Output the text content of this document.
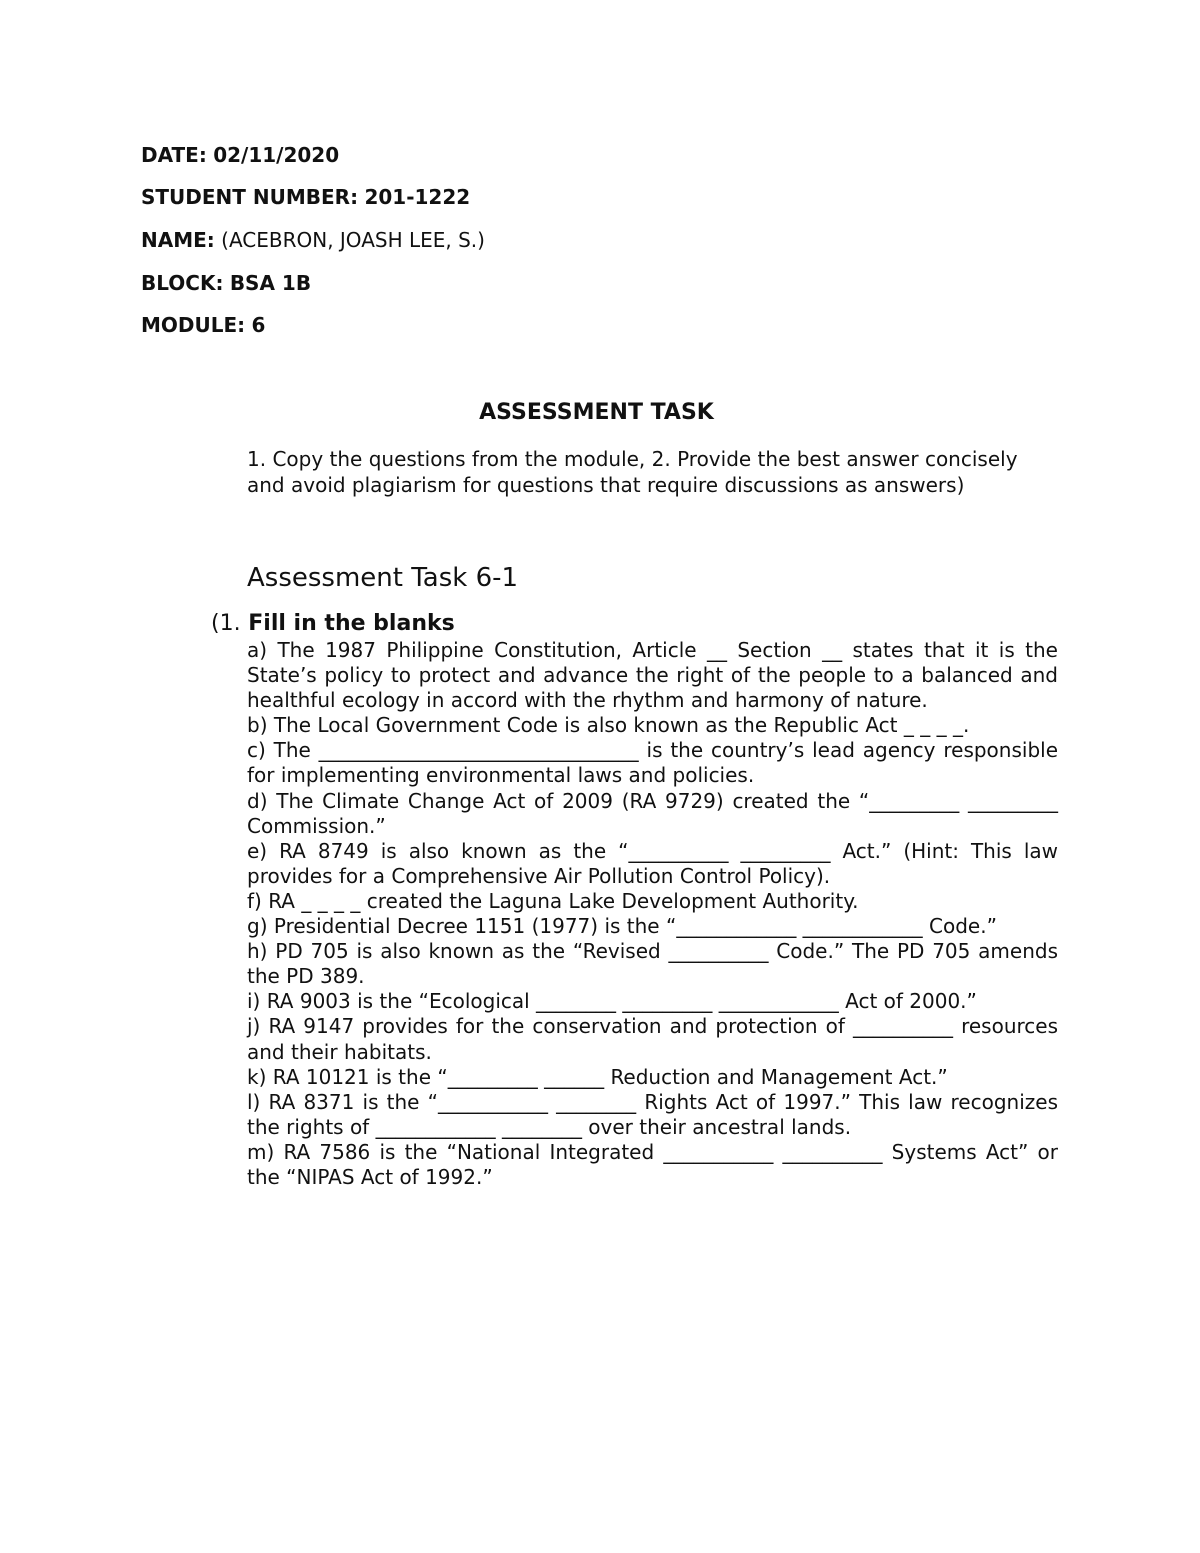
DATE: 02/11/2020
STUDENT NUMBER: 201-1222
NAME: (ACEBRON, JOASH LEE, S.)
BLOCK: BSA 1B
MODULE: 6
ASSESSMENT TASK
1. Copy the questions from the module, 2. Provide the best answer concisely and avoid plagiarism for questions that require discussions as answers)
Assessment Task 6-1
(1. Fill in the blanks

a) The 1987 Philippine Constitution, Article __ Section __ states that it is the State’s policy to protect and advance the right of the people to a balanced and healthful ecology in accord with the rhythm and harmony of nature.

b) The Local Government Code is also known as the Republic Act _ _ _ _.

c) The ________________________________ is the country’s lead agency responsible for implementing environmental laws and policies.

d) The Climate Change Act of 2009 (RA 9729) created the “_________ _________ Commission.”

e) RA 8749 is also known as the “__________ _________ Act.” (Hint: This law provides for a Comprehensive Air Pollution Control Policy).

f) RA _ _ _ _ created the Laguna Lake Development Authority.

g) Presidential Decree 1151 (1977) is the “____________ ____________ Code.”

h) PD 705 is also known as the “Revised __________ Code.” The PD 705 amends the PD 389.

i) RA 9003 is the “Ecological ________ _________ ____________ Act of 2000.”

j) RA 9147 provides for the conservation and protection of __________ resources and their habitats.

k) RA 10121 is the “_________ ______ Reduction and Management Act.”

l) RA 8371 is the “___________ ________ Rights Act of 1997.” This law recognizes the rights of ____________ ________ over their ancestral lands.

m) RA 7586 is the “National Integrated ___________ __________ Systems Act” or the “NIPAS Act of 1992.”
